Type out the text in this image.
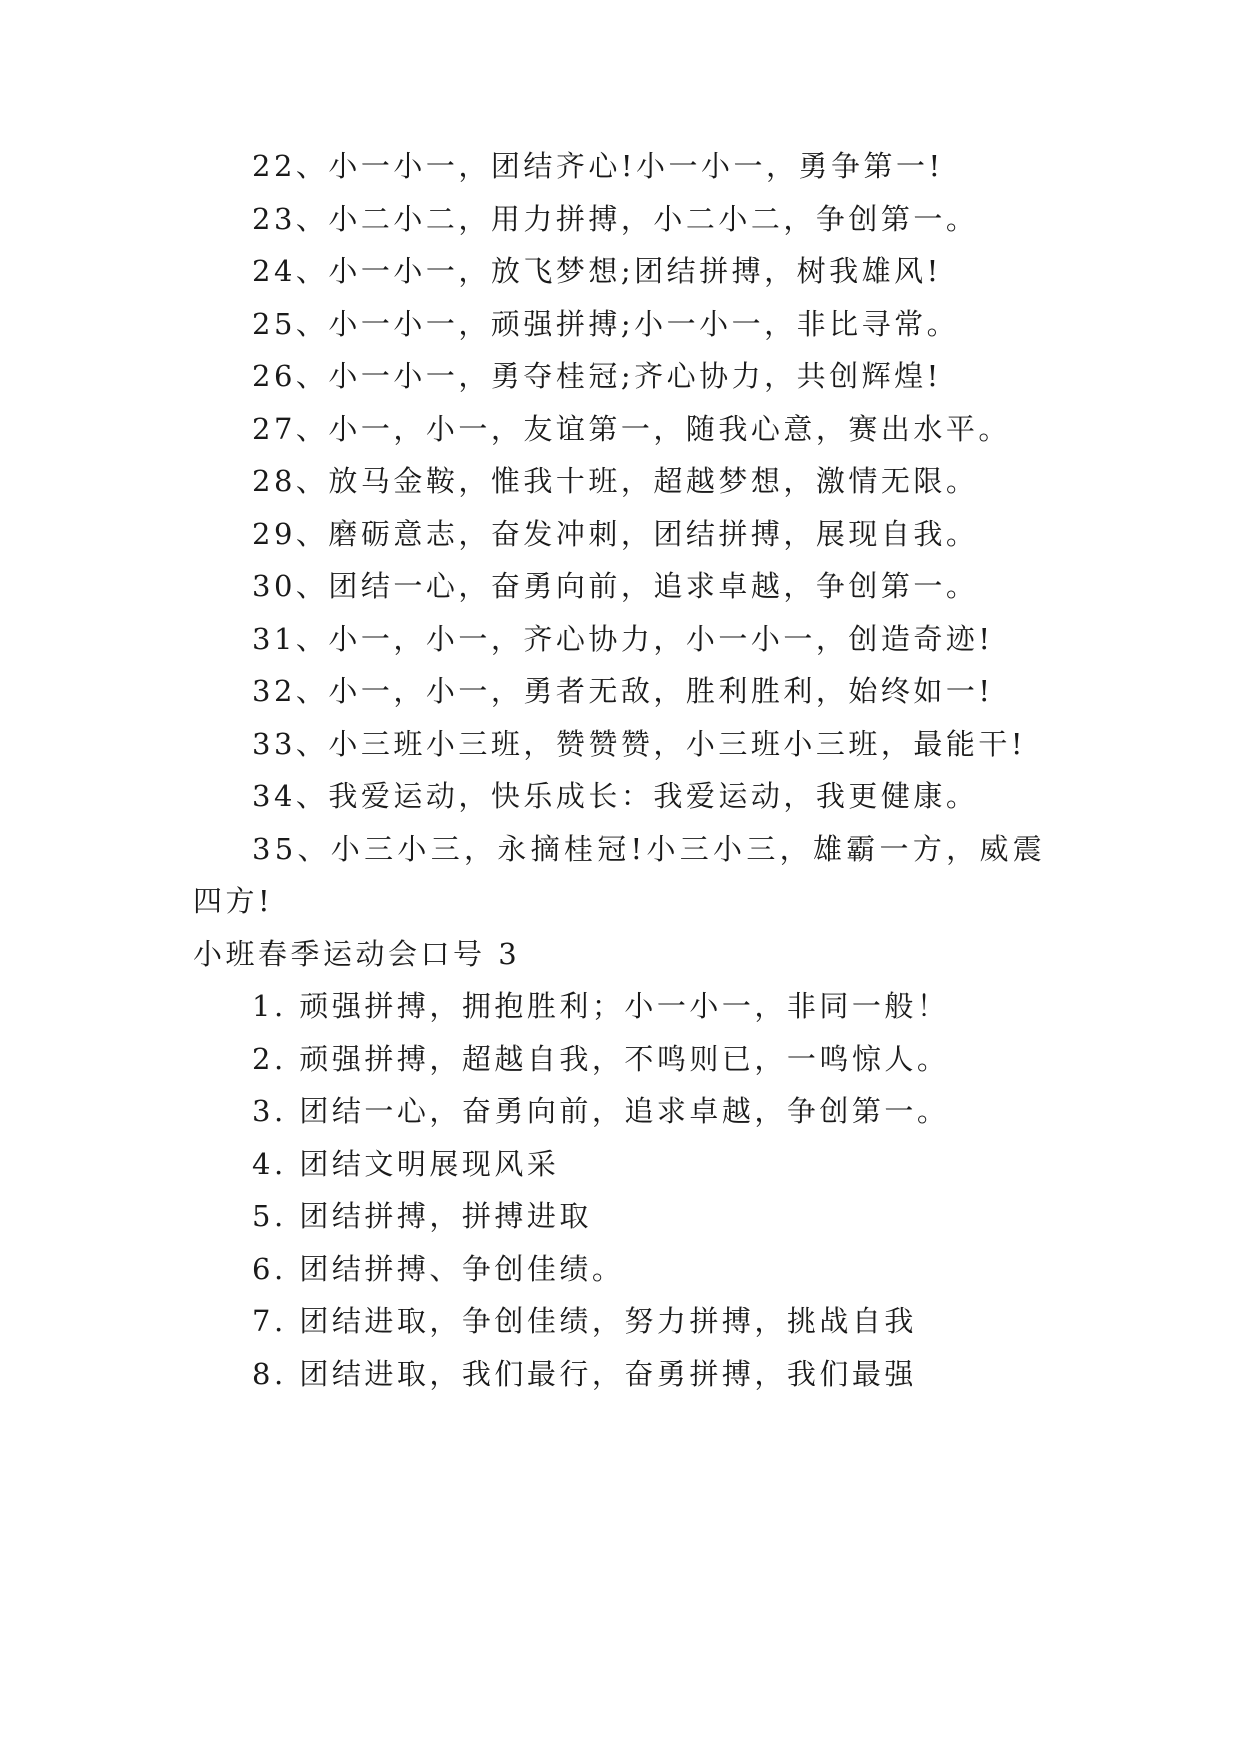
22、小一小一，团结齐心!小一小一，勇争第一!
23、小二小二，用力拼搏，小二小二，争创第一。
24、小一小一，放飞梦想;团结拼搏，树我雄风!
25、小一小一，顽强拼搏;小一小一，非比寻常。
26、小一小一，勇夺桂冠;齐心协力，共创辉煌!
27、小一，小一，友谊第一，随我心意，赛出水平。
28、放马金鞍，惟我十班，超越梦想，激情无限。
29、磨砺意志，奋发冲刺，团结拼搏，展现自我。
30、团结一心，奋勇向前，追求卓越，争创第一。
31、小一，小一，齐心协力，小一小一，创造奇迹!
32、小一，小一，勇者无敌，胜利胜利，始终如一!
33、小三班小三班，赞赞赞，小三班小三班，最能干!
34、我爱运动，快乐成长：我爱运动，我更健康。
35、小三小三，永摘桂冠!小三小三，雄霸一方，威震
四方!
小班春季运动会口号 3
1. 顽强拼搏，拥抱胜利；小一小一，非同一般！
2. 顽强拼搏，超越自我，不鸣则已，一鸣惊人。
3. 团结一心，奋勇向前，追求卓越，争创第一。
4. 团结文明展现风采
5. 团结拼搏，拼搏进取
6. 团结拼搏、争创佳绩。
7. 团结进取，争创佳绩，努力拼搏，挑战自我
8. 团结进取，我们最行，奋勇拼搏，我们最强
